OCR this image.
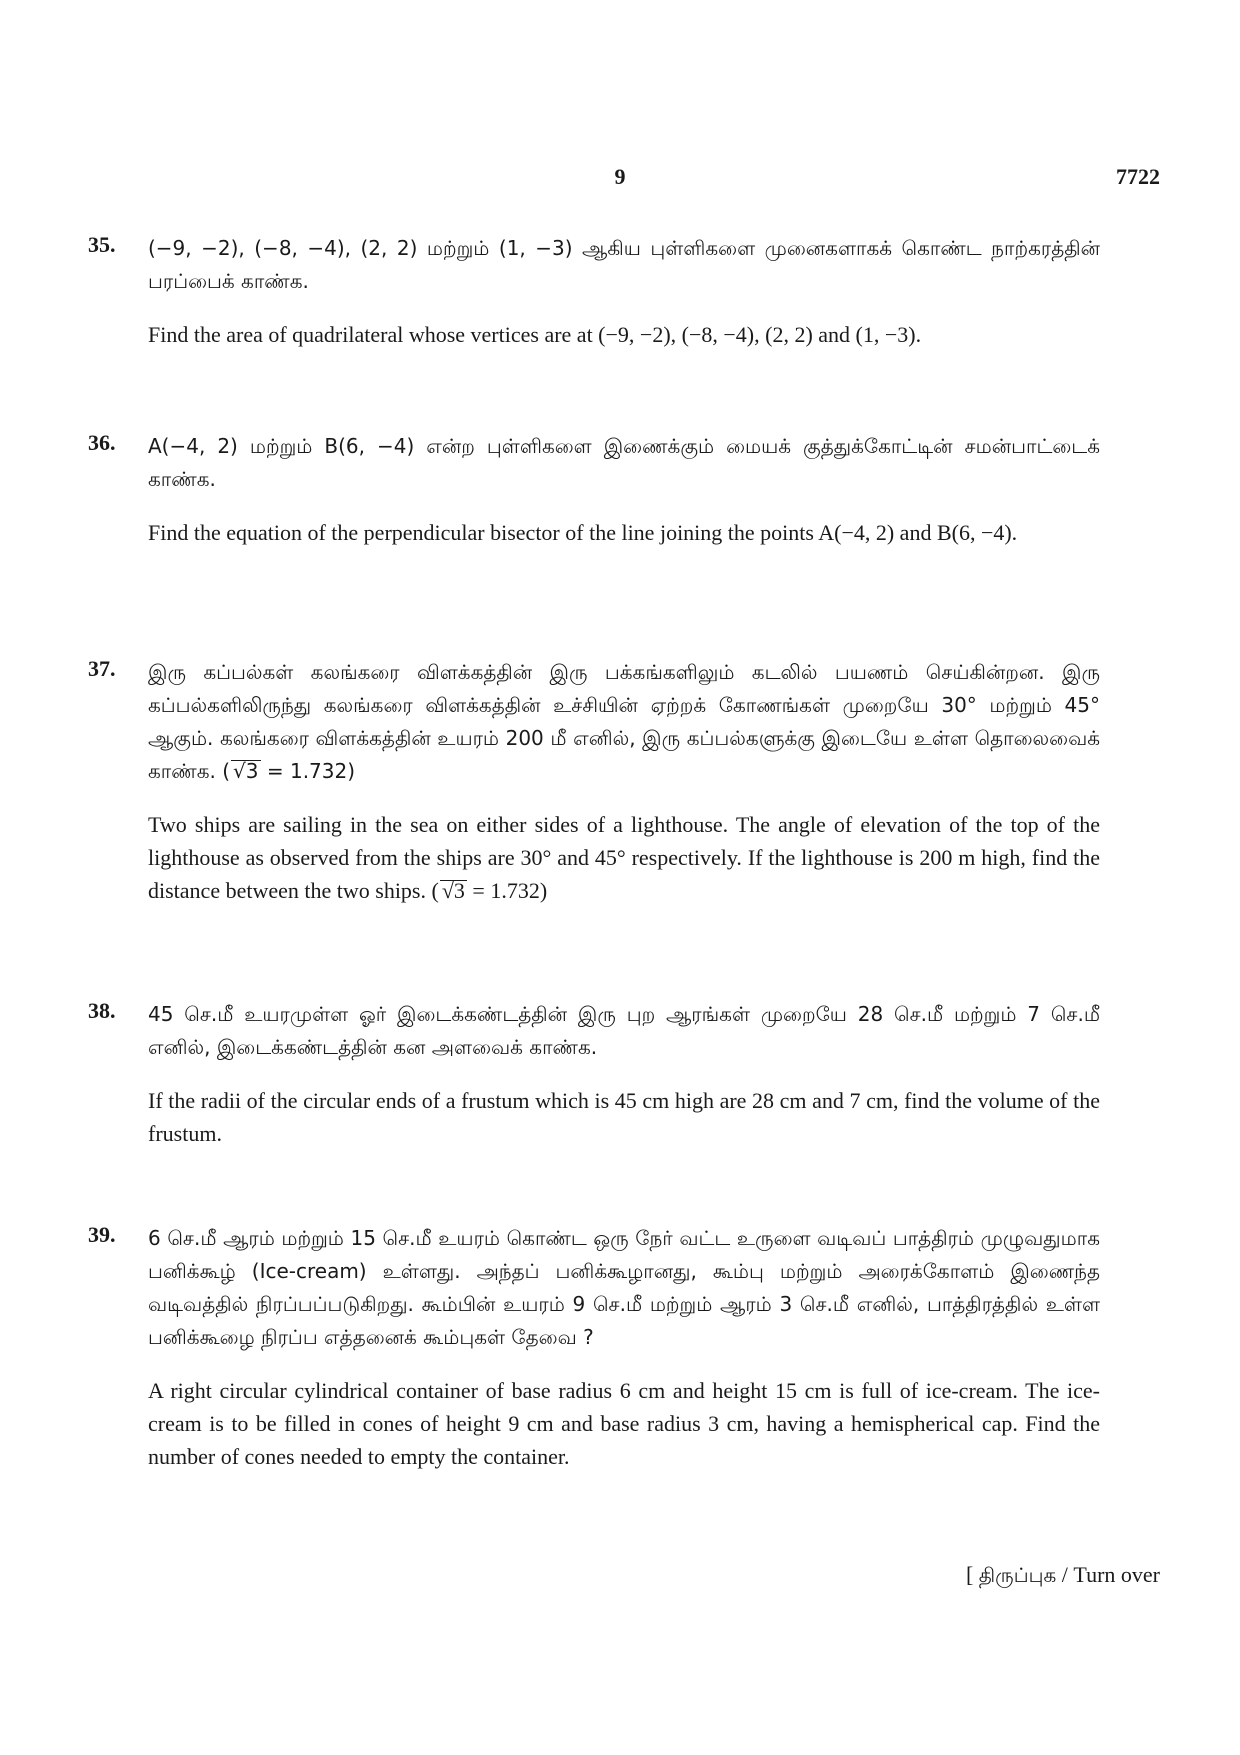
9	7722
35.	(−9, −2), (−8, −4), (2, 2) மற்றும் (1, −3) ஆகிய புள்ளிகளை முனைகளாகக் கொண்ட நாற்கரத்தின் பரப்பைக் காண்க.

Find the area of quadrilateral whose vertices are at (−9, −2), (−8, −4), (2, 2) and (1, −3).

36.	A(−4, 2) மற்றும் B(6, −4) என்ற புள்ளிகளை இணைக்கும் மையக் குத்துக்கோட்டின் சமன்பாட்டைக் காண்க.

Find the equation of the perpendicular bisector of the line joining the points A(−4, 2) and B(6, −4).

37.	இரு கப்பல்கள் கலங்கரை விளக்கத்தின் இரு பக்கங்களிலும் கடலில் பயணம் செய்கின்றன. இரு கப்பல்களிலிருந்து கலங்கரை விளக்கத்தின் உச்சியின் ஏற்றக் கோணங்கள் முறையே 30° மற்றும் 45° ஆகும். கலங்கரை விளக்கத்தின் உயரம் 200 மீ எனில், இரு கப்பல்களுக்கு இடையே உள்ள தொலைவைக் காண்க. ( √3 = 1.732)

Two ships are sailing in the sea on either sides of a lighthouse. The angle of elevation of the top of the lighthouse as observed from the ships are 30° and 45° respectively. If the lighthouse is 200 m high, find the distance between the two ships. ( √3 = 1.732)

38.	45 செ.மீ உயரமுள்ள ஓர் இடைக்கண்டத்தின் இரு புற ஆரங்கள் முறையே 28 செ.மீ மற்றும் 7 செ.மீ எனில், இடைக்கண்டத்தின் கன அளவைக் காண்க.

If the radii of the circular ends of a frustum which is 45 cm high are 28 cm and 7 cm, find the volume of the frustum.

39.	6 செ.மீ ஆரம் மற்றும் 15 செ.மீ உயரம் கொண்ட ஒரு நேர் வட்ட உருளை வடிவப் பாத்திரம் முழுவதுமாக பனிக்கூழ் (Ice-cream) உள்ளது. அந்தப் பனிக்கூழானது, கூம்பு மற்றும் அரைக்கோளம் இணைந்த வடிவத்தில் நிரப்பப்படுகிறது. கூம்பின் உயரம் 9 செ.மீ மற்றும் ஆரம் 3 செ.மீ எனில், பாத்திரத்தில் உள்ள பனிக்கூழை நிரப்ப எத்தனைக் கூம்புகள் தேவை ?

A right circular cylindrical container of base radius 6 cm and height 15 cm is full of ice-cream. The ice-cream is to be filled in cones of height 9 cm and base radius 3 cm, having a hemispherical cap. Find the number of cones needed to empty the container.

[ திருப்புக / Turn over
